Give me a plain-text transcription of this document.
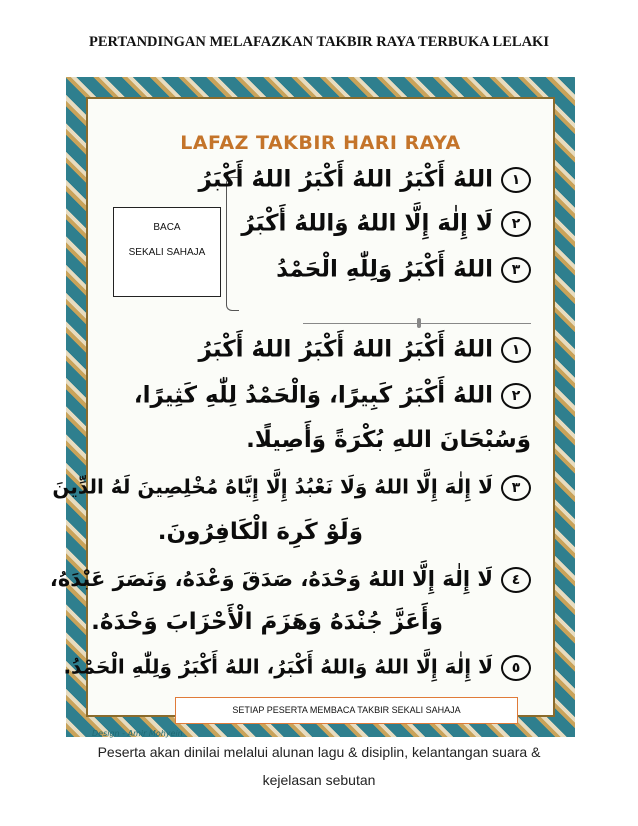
PERTANDINGAN MELAFAZKAN TAKBIR RAYA TERBUKA LELAKI
LAFAZ TAKBIR HARI RAYA
BACA
SEKALI SAHAJA
١اللهُ أَكْبَرُ اللهُ أَكْبَرُ اللهُ أَكْبَرُ
٢لَا إِلٰهَ إِلَّا اللهُ وَاللهُ أَكْبَرُ
٣اللهُ أَكْبَرُ وَلِلّٰهِ الْحَمْدُ
١اللهُ أَكْبَرُ اللهُ أَكْبَرُ اللهُ أَكْبَرُ
٢اللهُ أَكْبَرُ كَبِيرًا، وَالْحَمْدُ لِلّٰهِ كَثِيرًا،
وَسُبْحَانَ اللهِ بُكْرَةً وَأَصِيلًا.
٣لَا إِلٰهَ إِلَّا اللهُ وَلَا نَعْبُدُ إِلَّا إِيَّاهُ مُخْلِصِينَ لَهُ الدِّينَ
وَلَوْ كَرِهَ الْكَافِرُونَ.
٤لَا إِلٰهَ إِلَّا اللهُ وَحْدَهُ، صَدَقَ وَعْدَهُ، وَنَصَرَ عَبْدَهُ،
وَأَعَزَّ جُنْدَهُ وَهَزَمَ الْأَحْزَابَ وَحْدَهُ.
٥لَا إِلٰهَ إِلَّا اللهُ وَاللهُ أَكْبَرُ، اللهُ أَكْبَرُ وَلِلّٰهِ الْحَمْدُ.
SETIAP PESERTA MEMBACA TAKBIR SEKALI SAHAJA
Design - Amir Mohyein
Peserta akan dinilai melalui alunan lagu & disiplin, kelantangan suara &
kejelasan sebutan
